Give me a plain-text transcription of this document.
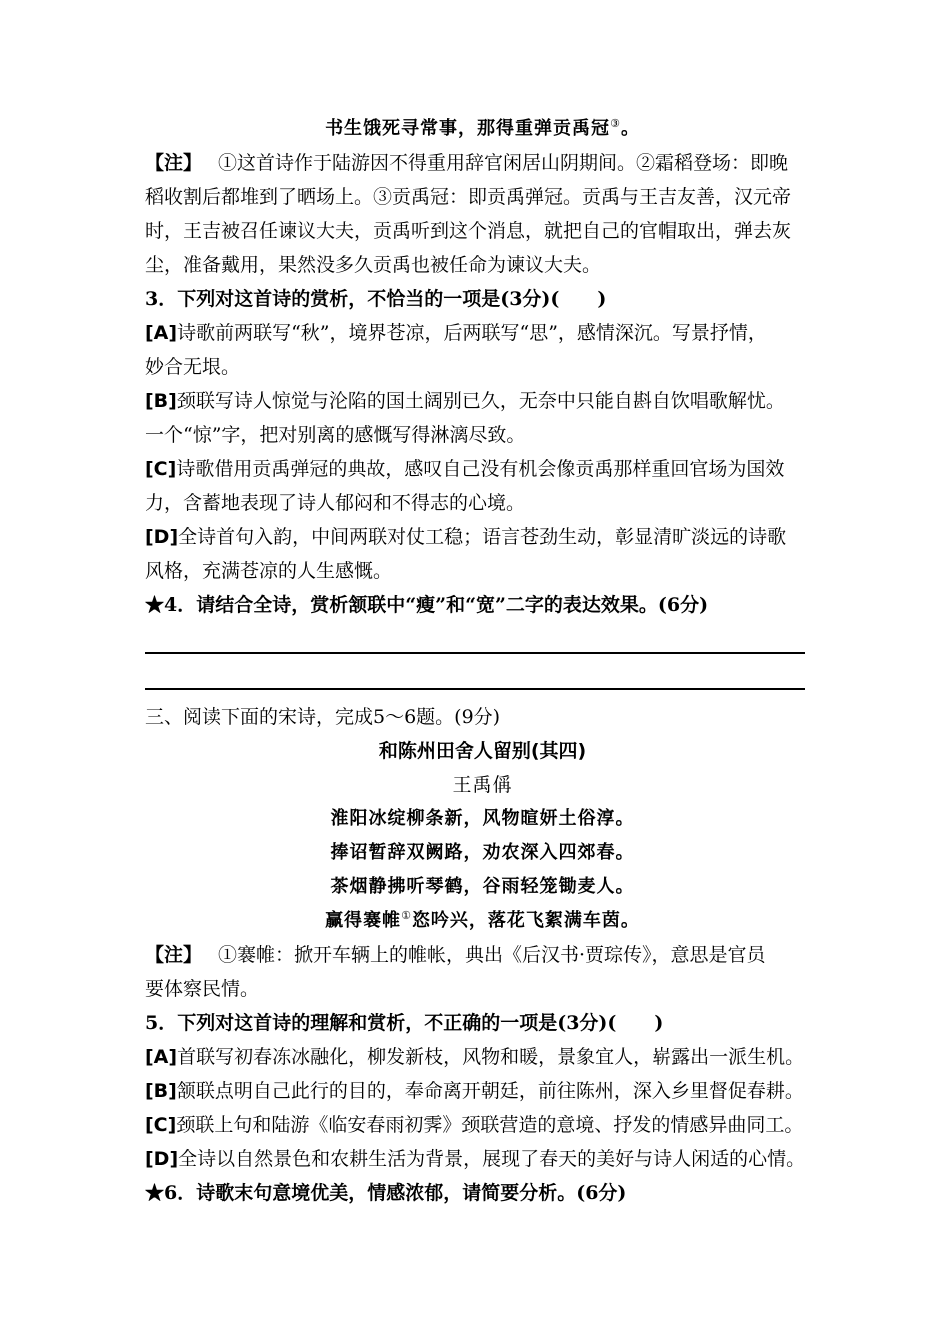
书生饿死寻常事，那得重弹贡禹冠③。
【注】 ①这首诗作于陆游因不得重用辞官闲居山阴期间。②霜稻登场：即晚
稻收割后都堆到了晒场上。③贡禹冠：即贡禹弹冠。贡禹与王吉友善，汉元帝
时，王吉被召任谏议大夫，贡禹听到这个消息，就把自己的官帽取出，弹去灰
尘，准备戴用，果然没多久贡禹也被任命为谏议大夫。
3．下列对这首诗的赏析，不恰当的一项是(3分)(　　)
[A]诗歌前两联写“秋”，境界苍凉，后两联写“思”，感情深沉。写景抒情，
妙合无垠。
[B]颈联写诗人惊觉与沦陷的国土阔别已久，无奈中只能自斟自饮唱歌解忧。
一个“惊”字，把对别离的感慨写得淋漓尽致。
[C]诗歌借用贡禹弹冠的典故，感叹自己没有机会像贡禹那样重回官场为国效
力，含蓄地表现了诗人郁闷和不得志的心境。
[D]全诗首句入韵，中间两联对仗工稳；语言苍劲生动，彰显清旷淡远的诗歌
风格，充满苍凉的人生感慨。
★4．请结合全诗，赏析颔联中“瘦”和“宽”二字的表达效果。(6分)
三、阅读下面的宋诗，完成5～6题。(9分)
和陈州田舍人留别(其四)
王禹偁
淮阳冰绽柳条新，风物暄妍土俗淳。
捧诏暂辞双阙路，劝农深入四郊春。
茶烟静拂听琴鹤，谷雨轻笼锄麦人。
赢得褰帷①恣吟兴，落花飞絮满车茵。
【注】 ①褰帷：掀开车辆上的帷帐，典出《后汉书·贾琮传》，意思是官员
要体察民情。
5．下列对这首诗的理解和赏析，不正确的一项是(3分)(　　)
[A]首联写初春冻冰融化，柳发新枝，风物和暖，景象宜人，崭露出一派生机。
[B]颔联点明自己此行的目的，奉命离开朝廷，前往陈州，深入乡里督促春耕。
[C]颈联上句和陆游《临安春雨初霁》颈联营造的意境、抒发的情感异曲同工。
[D]全诗以自然景色和农耕生活为背景，展现了春天的美好与诗人闲适的心情。
★6．诗歌末句意境优美，情感浓郁，请简要分析。(6分)
